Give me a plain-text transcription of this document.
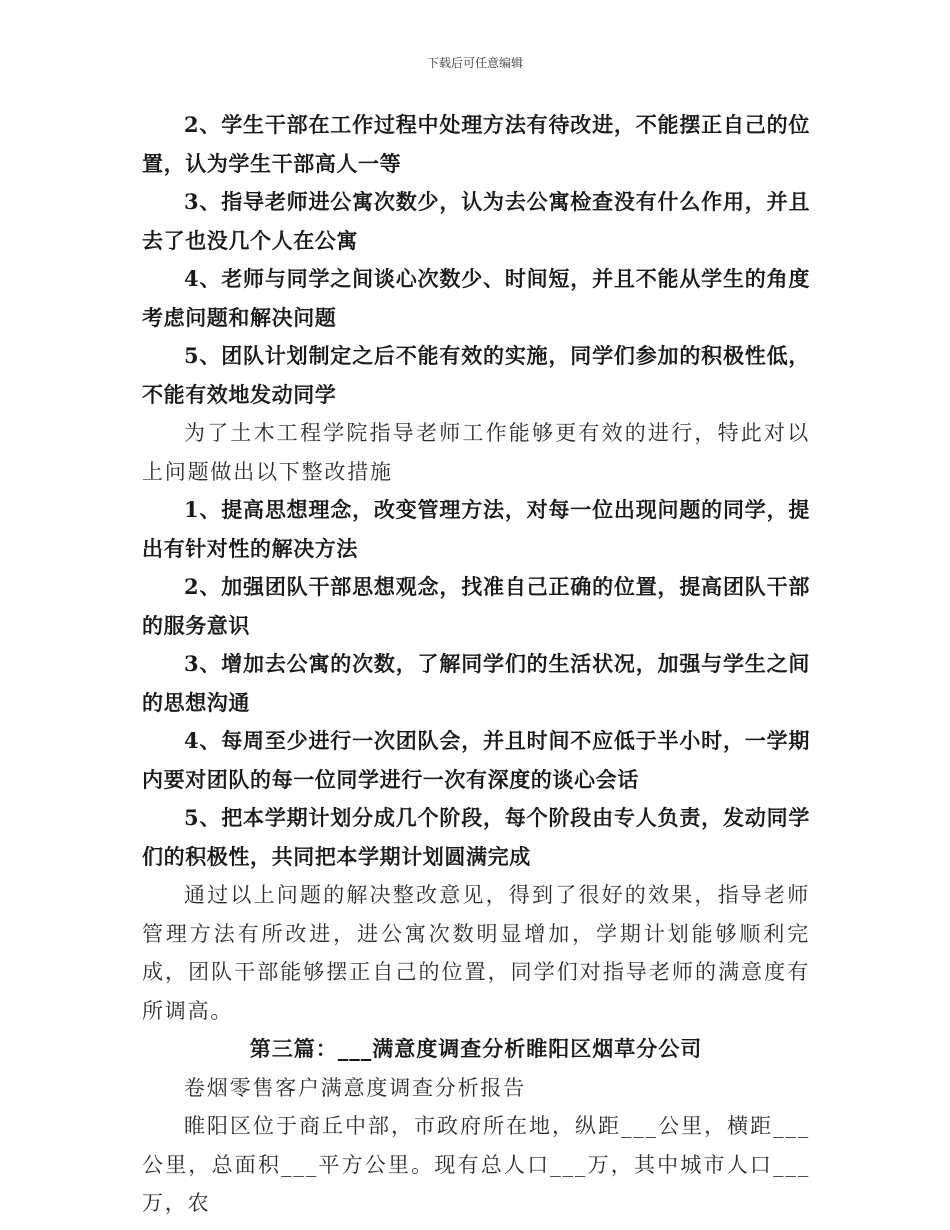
下载后可任意编辑

2、学生干部在工作过程中处理方法有待改进，不能摆正自己的位置，认为学生干部高人一等

3、指导老师进公寓次数少，认为去公寓检查没有什么作用，并且去了也没几个人在公寓

4、老师与同学之间谈心次数少、时间短，并且不能从学生的角度考虑问题和解决问题

5、团队计划制定之后不能有效的实施，同学们参加的积极性低，不能有效地发动同学

为了土木工程学院指导老师工作能够更有效的进行，特此对以上问题做出以下整改措施

1、提高思想理念，改变管理方法，对每一位出现问题的同学，提出有针对性的解决方法

2、加强团队干部思想观念，找准自己正确的位置，提高团队干部的服务意识

3、增加去公寓的次数，了解同学们的生活状况，加强与学生之间的思想沟通

4、每周至少进行一次团队会，并且时间不应低于半小时，一学期内要对团队的每一位同学进行一次有深度的谈心会话

5、把本学期计划分成几个阶段，每个阶段由专人负责，发动同学们的积极性，共同把本学期计划圆满完成

通过以上问题的解决整改意见，得到了很好的效果，指导老师管理方法有所改进，进公寓次数明显增加，学期计划能够顺利完成，团队干部能够摆正自己的位置，同学们对指导老师的满意度有所调高。

第三篇：___满意度调查分析睢阳区烟草分公司

卷烟零售客户满意度调查分析报告

睢阳区位于商丘中部，市政府所在地，纵距___公里，横距___公里，总面积___平方公里。现有总人口___万，其中城市人口___万，农
